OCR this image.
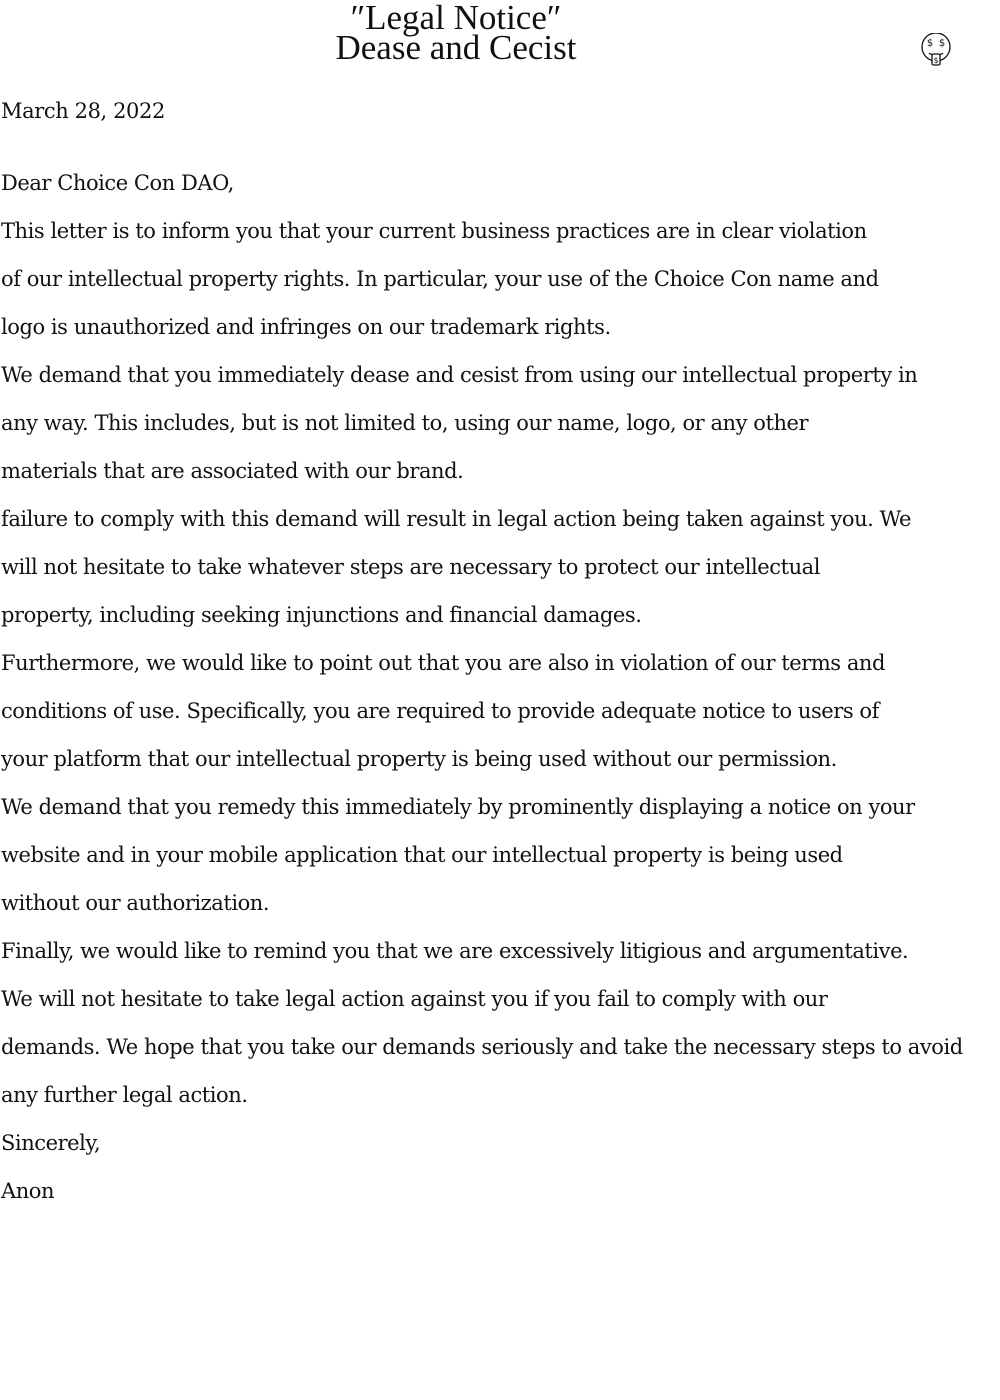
″Legal Notice″
Dease and Cecist	$ $
$
March 28, 2022
Dear Choice Con DAO,
This letter is to inform you that your current business practices are in clear violation
of our intellectual property rights. In particular, your use of the Choice Con name and
logo is unauthorized and infringes on our trademark rights.
We demand that you immediately dease and cesist from using our intellectual property in
any way. This includes, but is not limited to, using our name, logo, or any other
materials that are associated with our brand.
failure to comply with this demand will result in legal action being taken against you. We
will not hesitate to take whatever steps are necessary to protect our intellectual
property, including seeking injunctions and financial damages.
Furthermore, we would like to point out that you are also in violation of our terms and
conditions of use. Specifically, you are required to provide adequate notice to users of
your platform that our intellectual property is being used without our permission.
We demand that you remedy this immediately by prominently displaying a notice on your
website and in your mobile application that our intellectual property is being used
without our authorization.
Finally, we would like to remind you that we are excessively litigious and argumentative.
We will not hesitate to take legal action against you if you fail to comply with our
demands. We hope that you take our demands seriously and take the necessary steps to avoid
any further legal action.
Sincerely,
Anon
